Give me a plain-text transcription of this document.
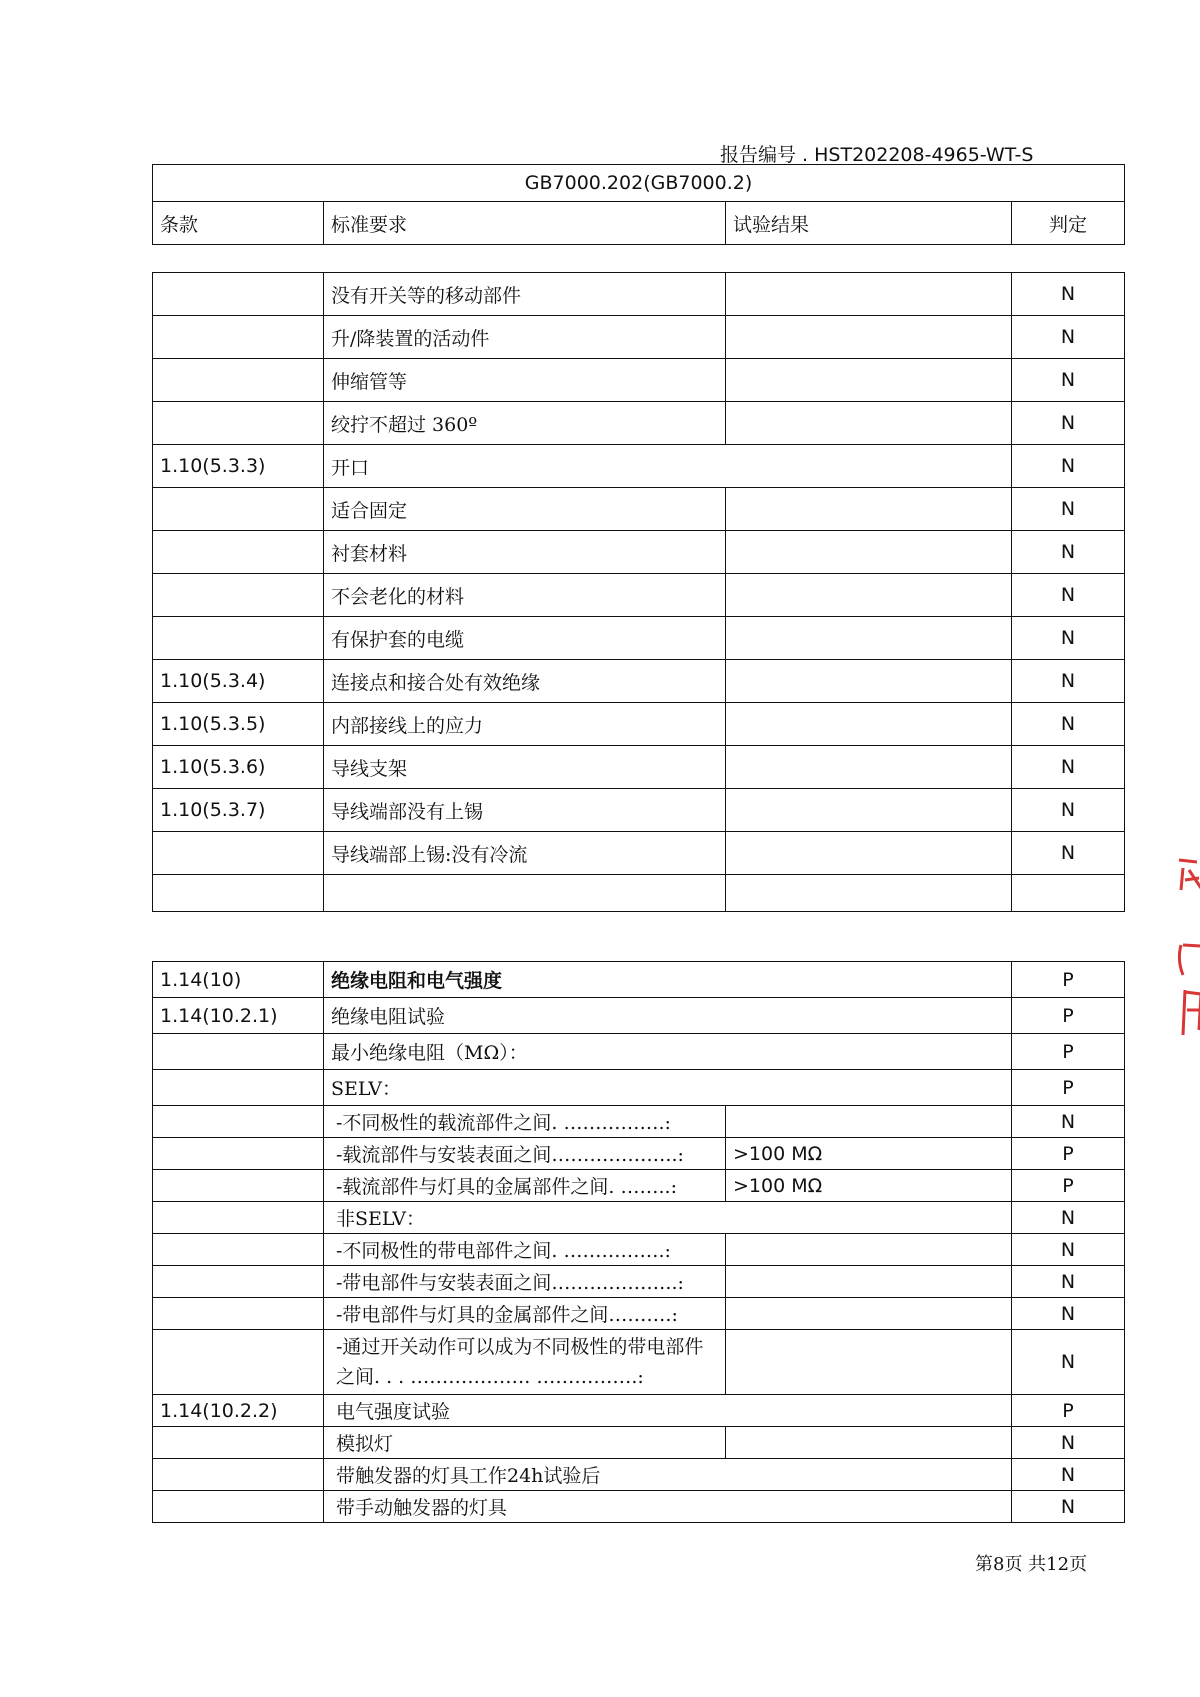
报告编号 . HST202208-4965-WT-S
GB7000.202(GB7000.2)
条款	标准要求	试验结果	判定
	没有开关等的移动部件		N
	升/降装置的活动件		N
	伸缩管等		N
	绞拧不超过 360º		N
1.10(5.3.3)	开口		N
	适合固定		N
	衬套材料		N
	不会老化的材料		N
	有保护套的电缆		N
1.10(5.3.4)	连接点和接合处有效绝缘		N
1.10(5.3.5)	内部接线上的应力		N
1.10(5.3.6)	导线支架		N
1.10(5.3.7)	导线端部没有上锡		N
	导线端部上锡:没有冷流		N

1.14(10)	绝缘电阻和电气强度		P
1.14(10.2.1)	绝缘电阻试验		P
	最小绝缘电阻（MΩ）：		P
	SELV：		P
	-不同极性的载流部件之间. …………….:		N
	-载流部件与安装表面之间………………..:	>100 MΩ	P
	-载流部件与灯具的金属部件之间. ……..:	>100 MΩ	P
	非SELV：		N
	-不同极性的带电部件之间. …………….:		N
	-带电部件与安装表面之间………………..:		N
	-带电部件与灯具的金属部件之间……….:		N
	-通过开关动作可以成为不同极性的带电部件之间. . . ………………. …………….:		N
1.14(10.2.2)	电气强度试验		P
	模拟灯		N
	带触发器的灯具工作24h试验后		N
	带手动触发器的灯具		N
第8页 共12页
